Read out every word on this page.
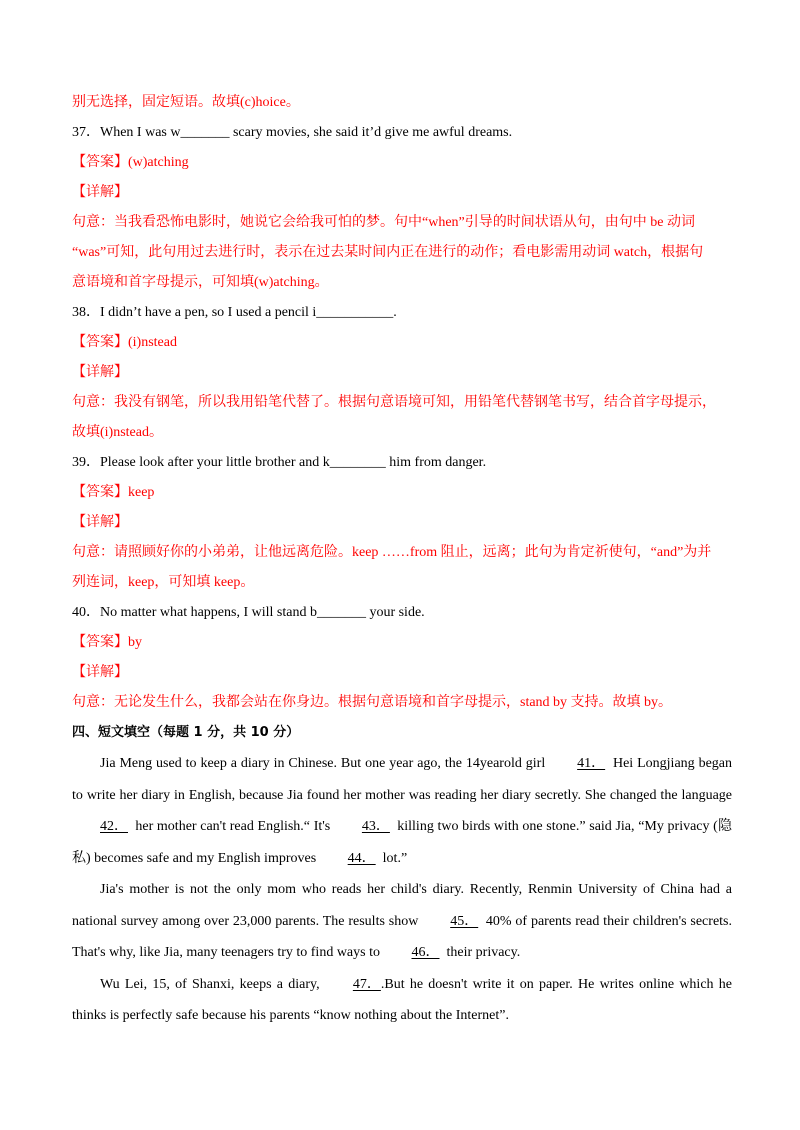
别无选择，固定短语。故填(c)hoice。
37．When I was w_______ scary movies, she said it’d give me awful dreams.
【答案】(w)atching
【详解】
句意：当我看恐怖电影时，她说它会给我可怕的梦。句中“when”引导的时间状语从句，由句中 be 动词
“was”可知，此句用过去进行时，表示在过去某时间内正在进行的动作；看电影需用动词 watch，根据句
意语境和首字母提示，可知填(w)atching。
38．I didn’t have a pen, so I used a pencil i___________.
【答案】(i)nstead
【详解】
句意：我没有钢笔，所以我用铅笔代替了。根据句意语境可知，用铅笔代替钢笔书写，结合首字母提示，
故填(i)nstead。
39．Please look after your little brother and k________ him from danger.
【答案】keep
【详解】
句意：请照顾好你的小弟弟，让他远离危险。keep ……from 阻止，远离；此句为肯定祈使句，“and”为并
列连词，keep，可知填 keep。
40．No matter what happens, I will stand b_______ your side.
【答案】by
【详解】
句意：无论发生什么，我都会站在你身边。根据句意语境和首字母提示，stand by 支持。故填 by。
四、短文填空（每题 1 分，共 10 分）

Jia Meng used to keep a diary in Chinese. But one year ago, the 14yearold girl 41． Hei Longjiang began to write her diary in English, because Jia found her mother was reading her diary secretly. She changed the language 42． her mother can't read English.“ It's 43． killing two birds with one stone.” said Jia, “My privacy (隐私) becomes safe and my English improves 44． lot.”

Jia's mother is not the only mom who reads her child's diary. Recently, Renmin University of China had a national survey among over 23,000 parents. The results show 45． 40% of parents read their children's secrets. That's why, like Jia, many teenagers try to find ways to 46． their privacy.

Wu Lei, 15, of Shanxi, keeps a diary, 47．.But he doesn't write it on paper. He writes online which he thinks is perfectly safe because his parents “know nothing about the Internet”.
